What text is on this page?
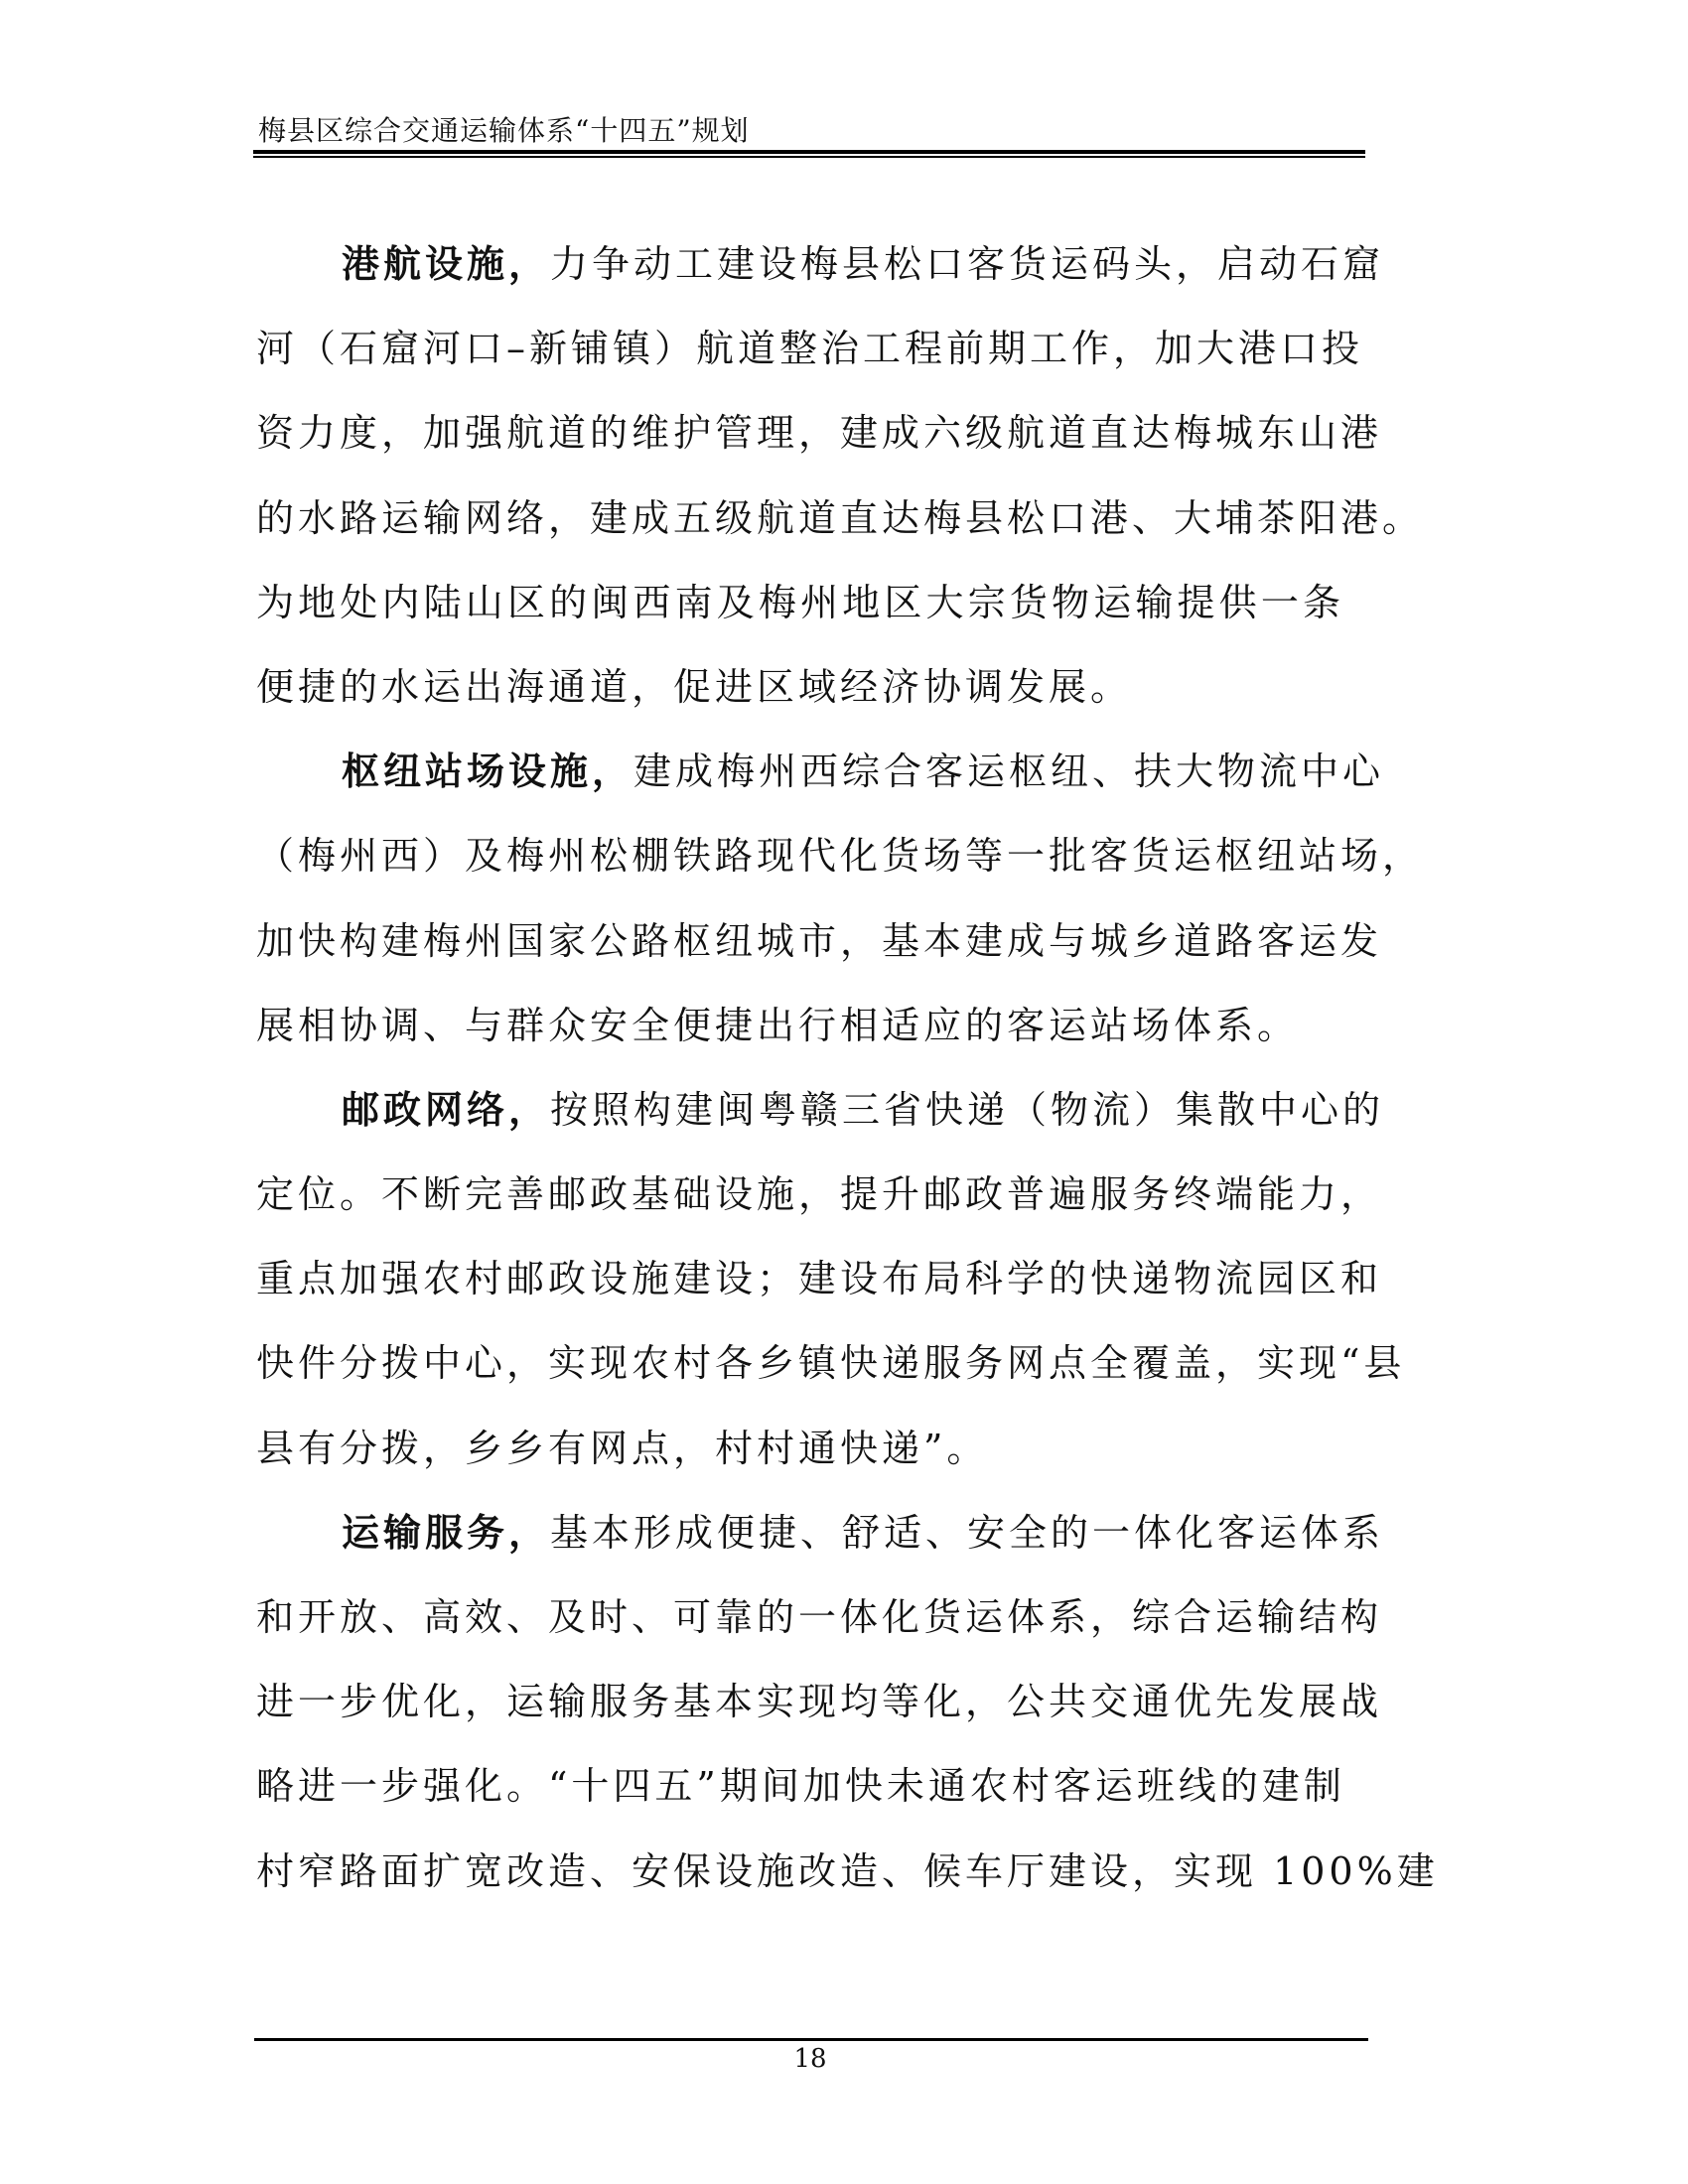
梅县区综合交通运输体系“十四五”规划
港航设施，力争动工建设梅县松口客货运码头，启动石窟
河（石窟河口–新铺镇）航道整治工程前期工作，加大港口投
资力度，加强航道的维护管理，建成六级航道直达梅城东山港
的水路运输网络，建成五级航道直达梅县松口港、大埔茶阳港。
为地处内陆山区的闽西南及梅州地区大宗货物运输提供一条
便捷的水运出海通道，促进区域经济协调发展。
枢纽站场设施，建成梅州西综合客运枢纽、扶大物流中心
（梅州西）及梅州松棚铁路现代化货场等一批客货运枢纽站场，
加快构建梅州国家公路枢纽城市，基本建成与城乡道路客运发
展相协调、与群众安全便捷出行相适应的客运站场体系。
邮政网络，按照构建闽粤赣三省快递（物流）集散中心的
定位。不断完善邮政基础设施，提升邮政普遍服务终端能力，
重点加强农村邮政设施建设；建设布局科学的快递物流园区和
快件分拨中心，实现农村各乡镇快递服务网点全覆盖，实现“县
县有分拨，乡乡有网点，村村通快递”。
运输服务，基本形成便捷、舒适、安全的一体化客运体系
和开放、高效、及时、可靠的一体化货运体系，综合运输结构
进一步优化，运输服务基本实现均等化，公共交通优先发展战
略进一步强化。“十四五”期间加快未通农村客运班线的建制
村窄路面扩宽改造、安保设施改造、候车厅建设，实现 100%建
18
